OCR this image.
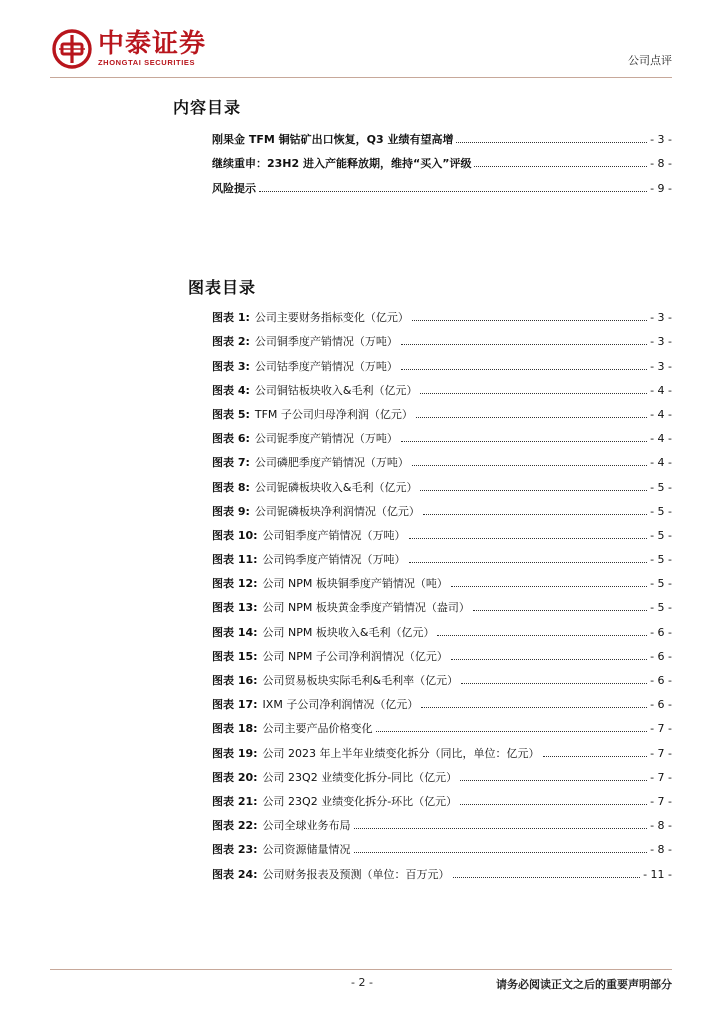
中泰证券
ZHONGTAI SECURITIES	公司点评
内容目录
刚果金 TFM 铜钴矿出口恢复，Q3 业绩有望高增	- 3 -
继续重申：23H2 进入产能释放期，维持“买入”评级	- 8 -
风险提示	- 9 -
图表目录
图表 1: 公司主要财务指标变化（亿元）	- 3 -
图表 2: 公司铜季度产销情况（万吨）	- 3 -
图表 3: 公司钴季度产销情况（万吨）	- 3 -
图表 4: 公司铜钴板块收入&毛利（亿元）	- 4 -
图表 5: TFM 子公司归母净利润（亿元）	- 4 -
图表 6: 公司铌季度产销情况（万吨）	- 4 -
图表 7: 公司磷肥季度产销情况（万吨）	- 4 -
图表 8: 公司铌磷板块收入&毛利（亿元）	- 5 -
图表 9: 公司铌磷板块净利润情况（亿元）	- 5 -
图表 10: 公司钼季度产销情况（万吨）	- 5 -
图表 11: 公司钨季度产销情况（万吨）	- 5 -
图表 12: 公司 NPM 板块铜季度产销情况（吨）	- 5 -
图表 13: 公司 NPM 板块黄金季度产销情况（盎司）	- 5 -
图表 14: 公司 NPM 板块收入&毛利（亿元）	- 6 -
图表 15: 公司 NPM 子公司净利润情况（亿元）	- 6 -
图表 16: 公司贸易板块实际毛利&毛利率（亿元）	- 6 -
图表 17: IXM 子公司净利润情况（亿元）	- 6 -
图表 18: 公司主要产品价格变化	- 7 -
图表 19: 公司 2023 年上半年业绩变化拆分（同比，单位：亿元）	- 7 -
图表 20: 公司 23Q2 业绩变化拆分-同比（亿元）	- 7 -
图表 21: 公司 23Q2 业绩变化拆分-环比（亿元）	- 7 -
图表 22: 公司全球业务布局	- 8 -
图表 23: 公司资源储量情况	- 8 -
图表 24: 公司财务报表及预测（单位：百万元）	- 11 -
- 2 -	请务必阅读正文之后的重要声明部分
